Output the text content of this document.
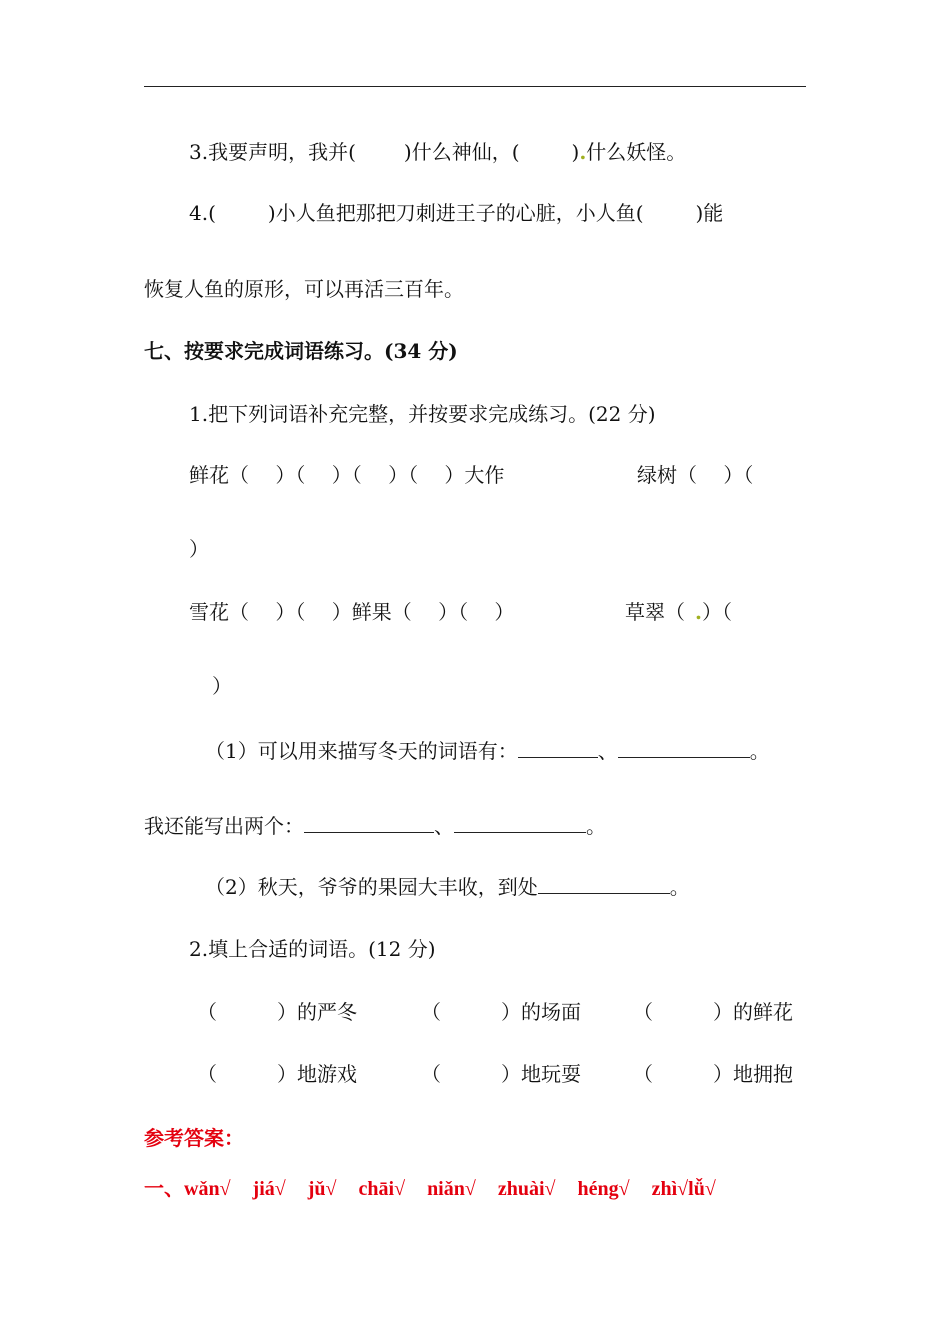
3.我要声明，我并( )什么神仙，(	).什么妖怪。
4.(	)小人鱼把那把刀刺进王子的心脏，小人鱼(	)能
恢复人鱼的原形，可以再活三百年。
七、按要求完成词语练习。(34 分)
1.把下列词语补充完整，并按要求完成练习。(22 分)
鲜花（　 ）（　 ）（　 ）（　 ）大作	绿树（　 ）（
）
雪花（　 ）（　 ）鲜果（　 ）（　 ）	草翠（ .）（
）
（1）可以用来描写冬天的词语有：	、	。
我还能写出两个：	、	。
（2）秋天，爷爷的果园大丰收，到处	。
2.填上合适的词语。(12 分)
（　　　）的严冬	（　　　）的场面	（　　　）的鲜花
（　　　）地游戏	（　　　）地玩耍	（　　　）地拥抱
参考答案：
一、wǎn√ jiá√ jǔ√ chāi√ niǎn√ zhuài√ héng√ zhì√lǚ√
